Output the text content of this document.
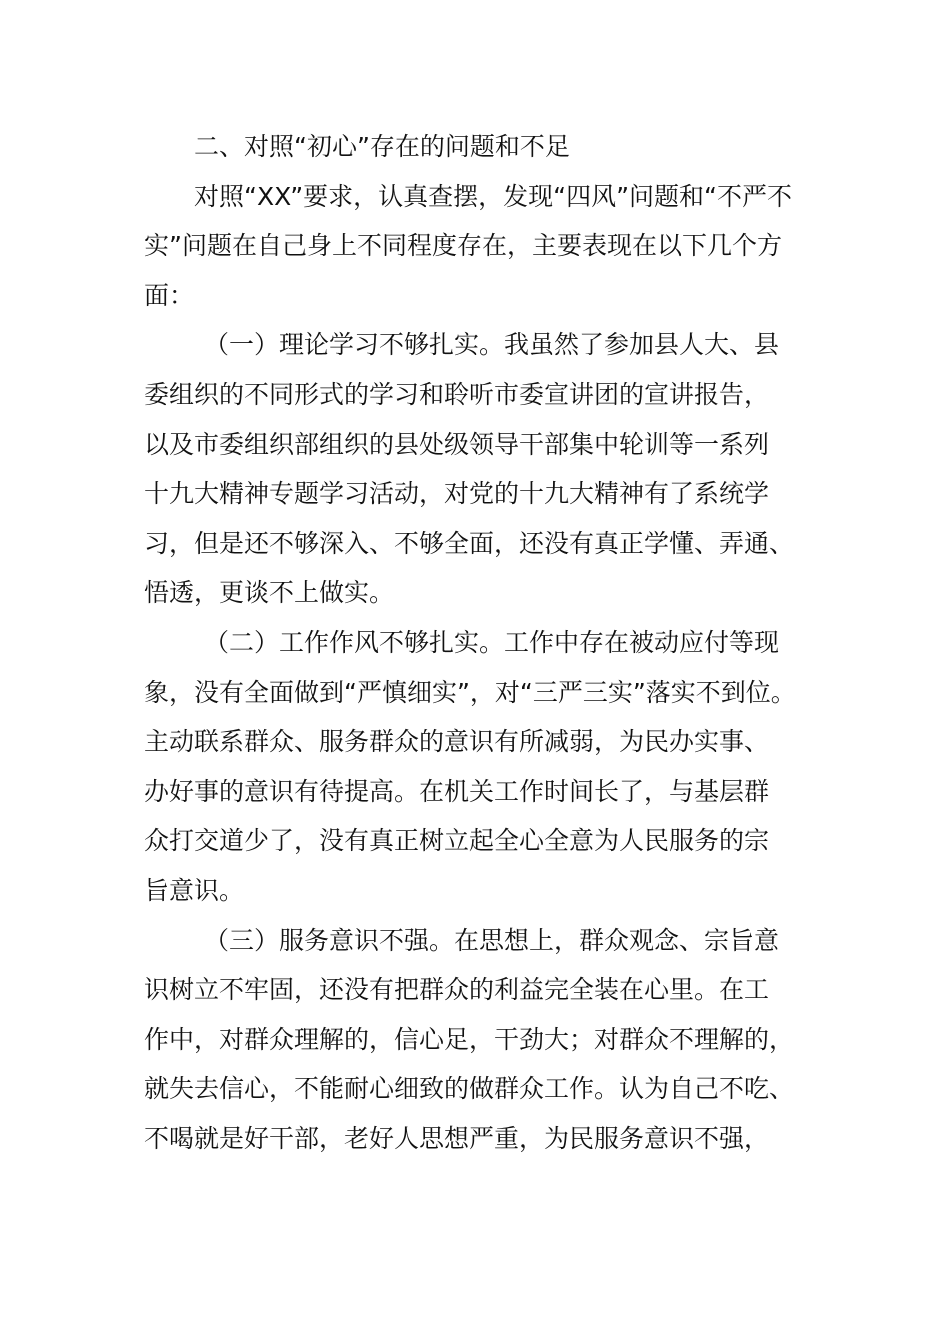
二、对照“初心”存在的问题和不足
对照“XX”要求，认真查摆，发现“四风”问题和“不严不
实”问题在自己身上不同程度存在，主要表现在以下几个方
面：
（一）理论学习不够扎实。我虽然了参加县人大、县
委组织的不同形式的学习和聆听市委宣讲团的宣讲报告，
以及市委组织部组织的县处级领导干部集中轮训等一系列
十九大精神专题学习活动，对党的十九大精神有了系统学
习，但是还不够深入、不够全面，还没有真正学懂、弄通、
悟透，更谈不上做实。
（二）工作作风不够扎实。工作中存在被动应付等现
象，没有全面做到“严慎细实”，对“三严三实”落实不到位。
主动联系群众、服务群众的意识有所减弱，为民办实事、
办好事的意识有待提高。在机关工作时间长了，与基层群
众打交道少了，没有真正树立起全心全意为人民服务的宗
旨意识。
（三）服务意识不强。在思想上，群众观念、宗旨意
识树立不牢固，还没有把群众的利益完全装在心里。在工
作中，对群众理解的，信心足，干劲大；对群众不理解的，
就失去信心，不能耐心细致的做群众工作。认为自己不吃、
不喝就是好干部，老好人思想严重，为民服务意识不强，
